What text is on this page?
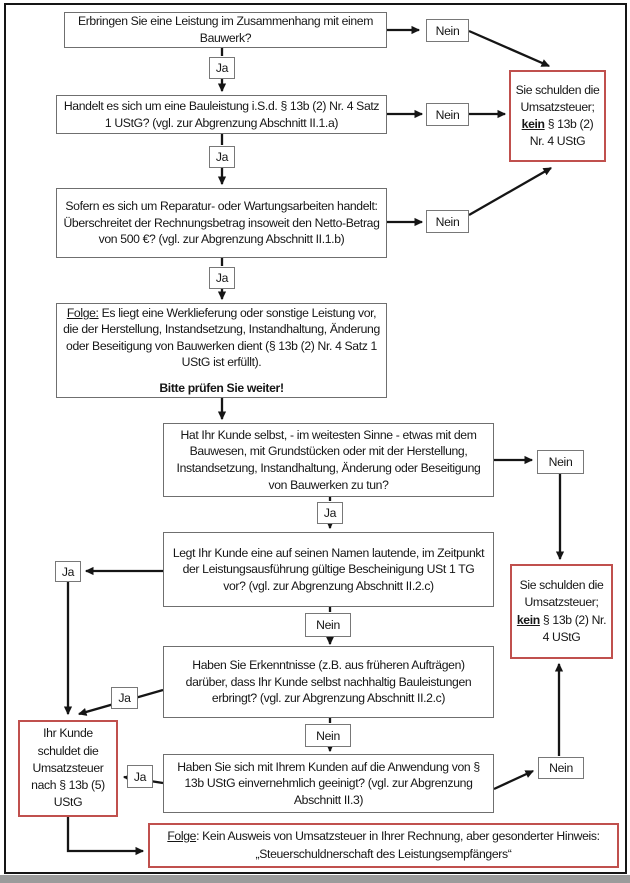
Erbringen Sie eine Leistung im Zusammenhang mit einem Bauwerk?
Handelt es sich um eine Bauleistung i.S.d. § 13b (2) Nr. 4 Satz 1 UStG? (vgl. zur Abgrenzung Abschnitt II.1.a)
Sofern es sich um Reparatur- oder Wartungsarbeiten handelt: Überschreitet der Rechnungsbetrag insoweit den Netto-Betrag von 500 €? (vgl. zur Abgrenzung Abschnitt II.1.b)
Folge: Es liegt eine Werklieferung oder sonstige Leistung vor, die der Herstellung, Instandsetzung, Instandhaltung, Änderung oder Beseitigung von Bauwerken dient (§ 13b (2) Nr. 4 Satz 1 UStG ist erfüllt).
Bitte prüfen Sie weiter!
Hat Ihr Kunde selbst, - im weitesten Sinne - etwas mit dem Bauwesen, mit Grundstücken oder mit der Herstellung, Instandsetzung, Instandhaltung, Änderung oder Beseitigung von Bauwerken zu tun?
Legt Ihr Kunde eine auf seinen Namen lautende, im Zeitpunkt der Leistungsausführung gültige Bescheinigung USt 1 TG vor? (vgl. zur Abgrenzung Abschnitt II.2.c)
Haben Sie Erkenntnisse (z.B. aus früheren Aufträgen) darüber, dass Ihr Kunde selbst nachhaltig Bauleistungen erbringt? (vgl. zur Abgrenzung Abschnitt II.2.c)
Haben Sie sich mit Ihrem Kunden auf die Anwendung von § 13b UStG einvernehmlich geeinigt? (vgl. zur Abgrenzung Abschnitt II.3)
Sie schulden die Umsatzsteuer; kein § 13b (2) Nr. 4 UStG
Sie schulden die Umsatzsteuer; kein § 13b (2) Nr. 4 UStG
Ihr Kunde schuldet die Umsatzsteuer nach § 13b (5) UStG
Folge: Kein Ausweis von Umsatzsteuer in Ihrer Rechnung, aber gesonderter Hinweis: „Steuerschuldnerschaft des Leistungsempfängers“
Ja
Ja
Ja
Ja
Ja
Ja
Ja
Nein
Nein
Nein
Nein
Nein
Nein
Nein
